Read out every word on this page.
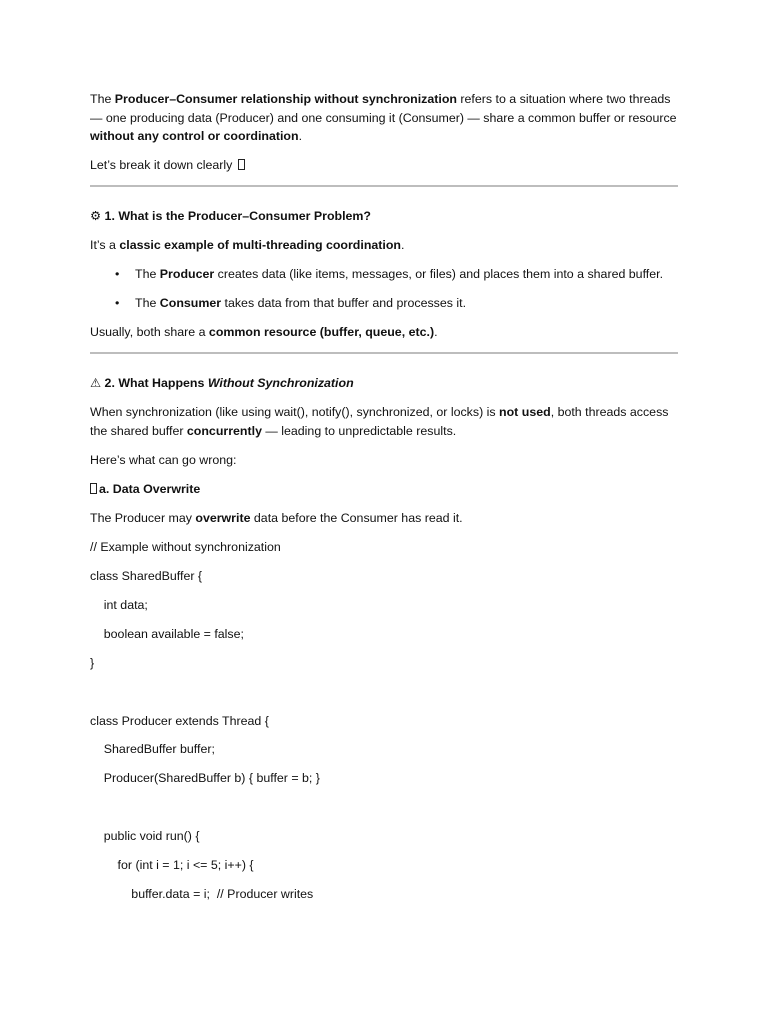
The Producer–Consumer relationship without synchronization refers to a situation where two threads — one producing data (Producer) and one consuming it (Consumer) — share a common buffer or resource without any control or coordination.

Let’s break it down clearly

⚙ 1. What is the Producer–Consumer Problem?

It’s a classic example of multi-threading coordination.

• The Producer creates data (like items, messages, or files) and places them into a shared buffer.
• The Consumer takes data from that buffer and processes it.

Usually, both share a common resource (buffer, queue, etc.).

⚠ 2. What Happens Without Synchronization

When synchronization (like using wait(), notify(), synchronized, or locks) is not used, both threads access the shared buffer concurrently — leading to unpredictable results.

Here’s what can go wrong:

a. Data Overwrite

The Producer may overwrite data before the Consumer has read it.

// Example without synchronization
class SharedBuffer {
int data;
boolean available = false;
}
class Producer extends Thread {
SharedBuffer buffer;
Producer(SharedBuffer b) { buffer = b; }
public void run() {
for (int i = 1; i <= 5; i++) {
buffer.data = i;  // Producer writes
